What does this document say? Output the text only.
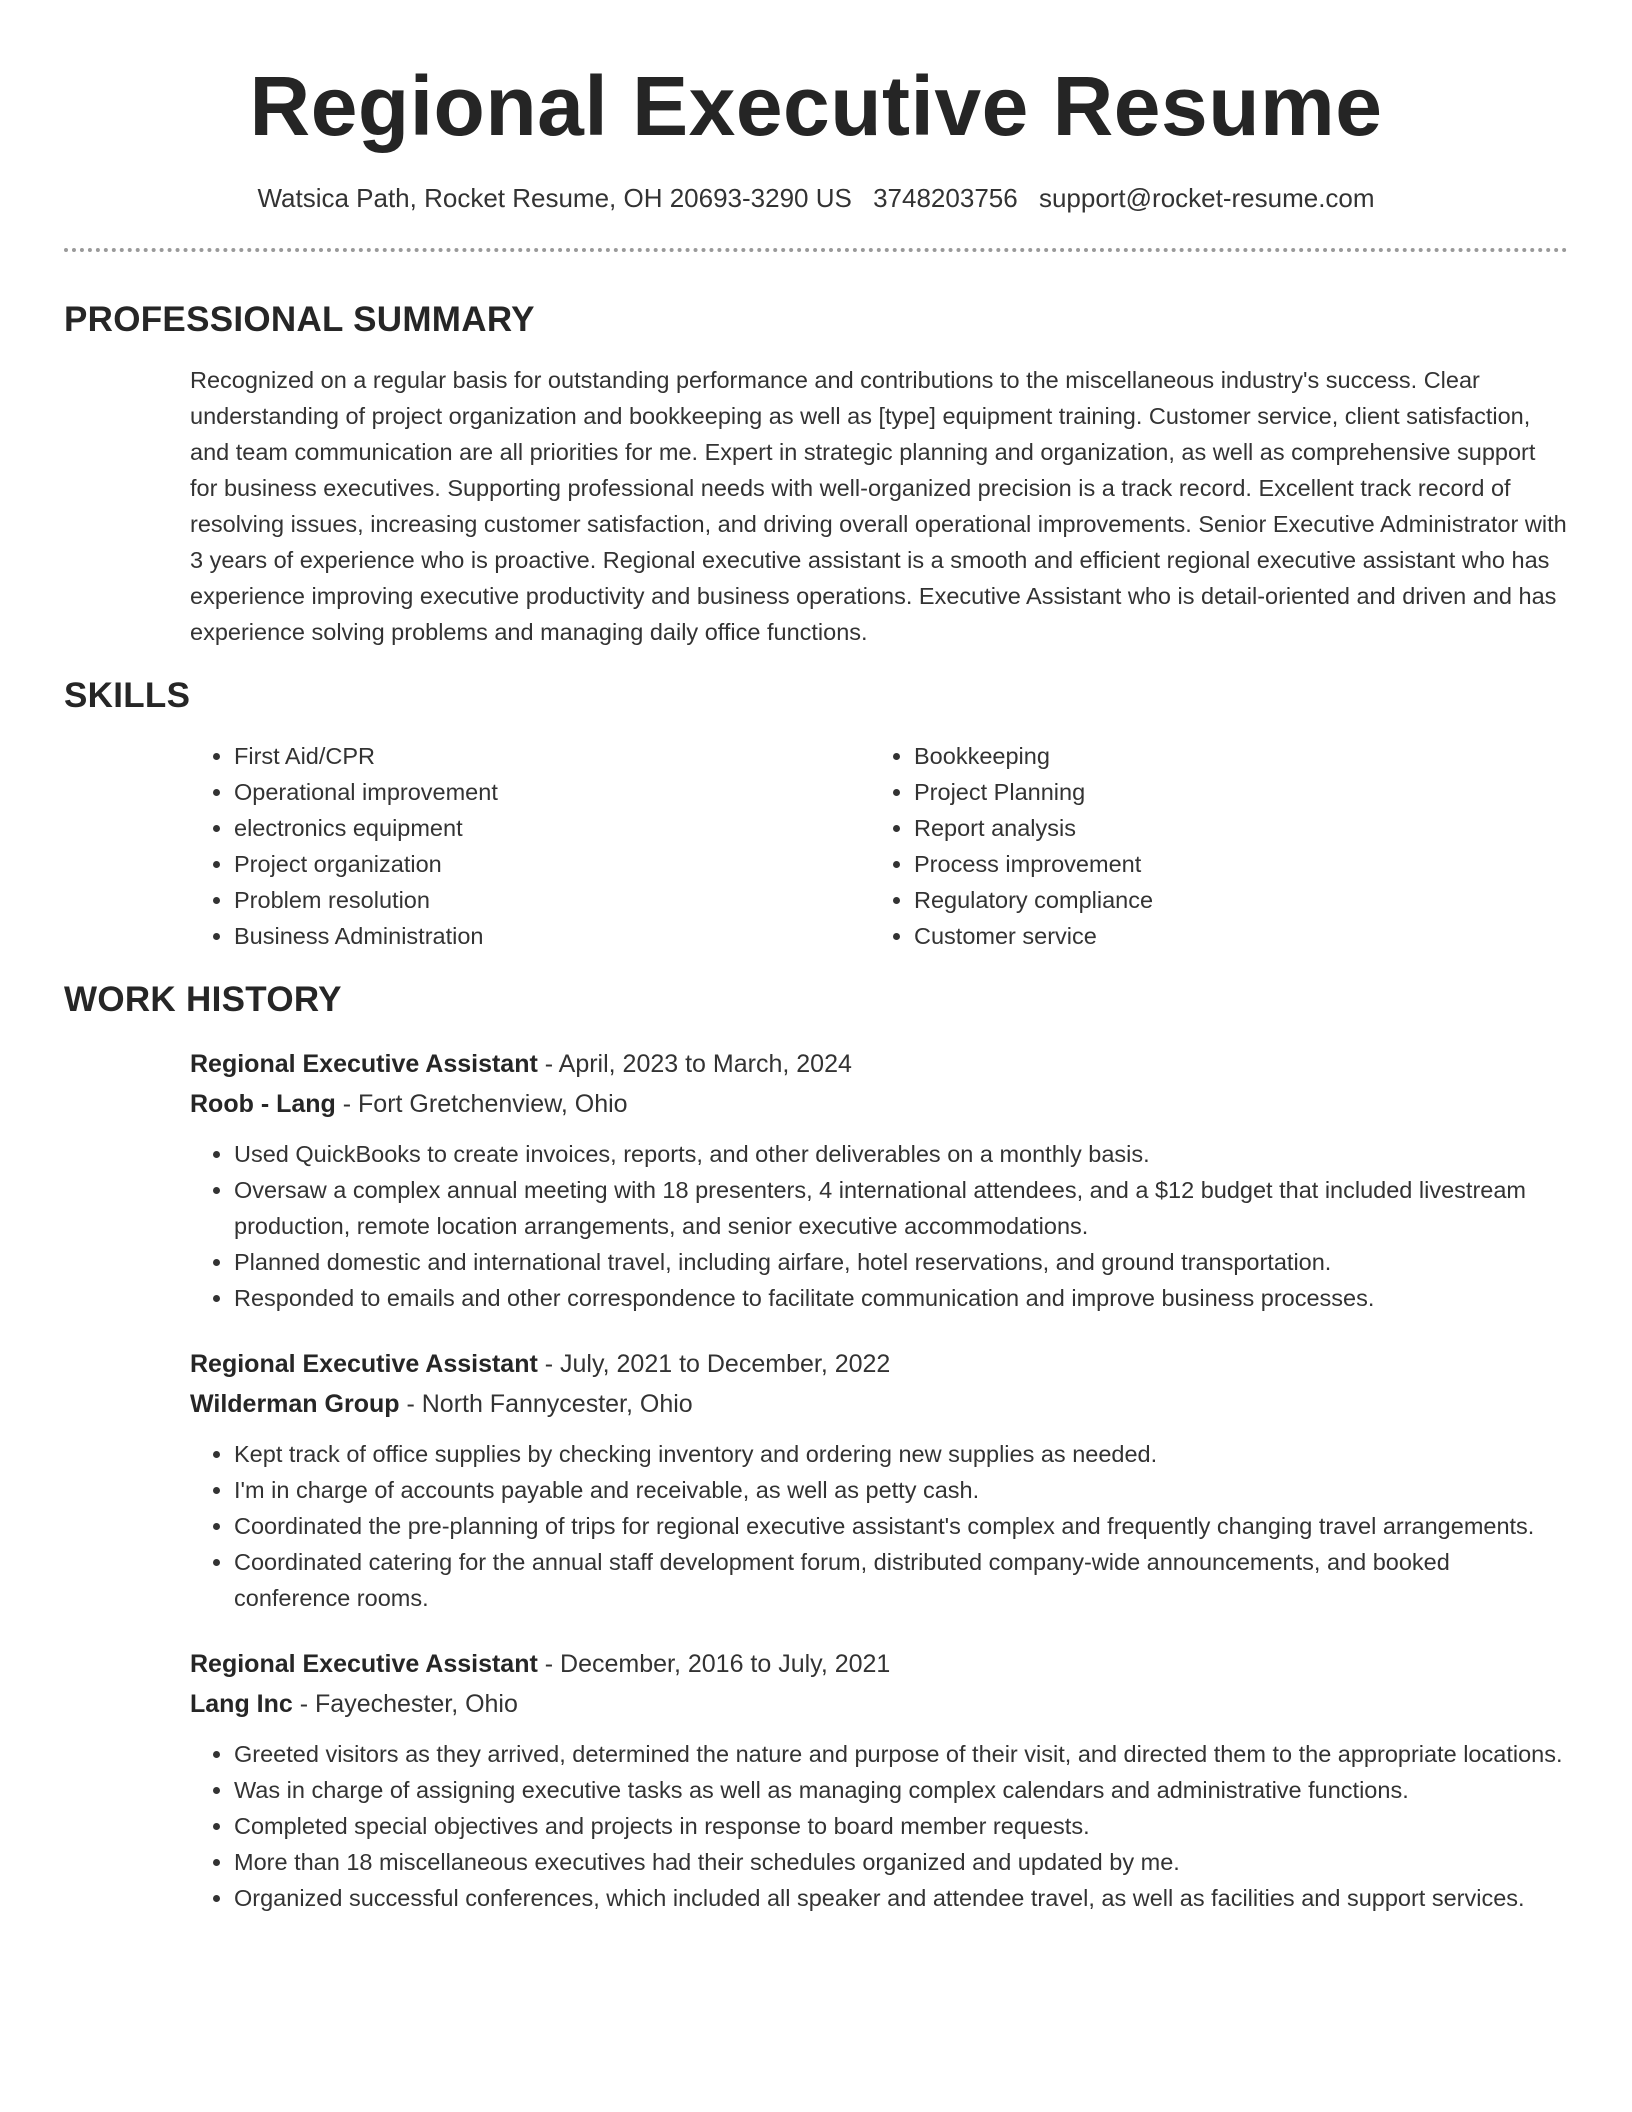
Regional Executive Resume
Watsica Path, Rocket Resume, OH 20693-3290 US 3748203756 support@rocket-resume.com
PROFESSIONAL SUMMARY

Recognized on a regular basis for outstanding performance and contributions to the miscellaneous industry's success. Clear understanding of project organization and bookkeeping as well as [type] equipment training. Customer service, client satisfaction, and team communication are all priorities for me. Expert in strategic planning and organization, as well as comprehensive support for business executives. Supporting professional needs with well-organized precision is a track record. Excellent track record of resolving issues, increasing customer satisfaction, and driving overall operational improvements. Senior Executive Administrator with 3 years of experience who is proactive. Regional executive assistant is a smooth and efficient regional executive assistant who has experience improving executive productivity and business operations. Executive Assistant who is detail-oriented and driven and has experience solving problems and managing daily office functions.

SKILLS
• First Aid/CPR
• Operational improvement
• electronics equipment
• Project organization
• Problem resolution
• Business Administration
• Bookkeeping
• Project Planning
• Report analysis
• Process improvement
• Regulatory compliance
• Customer service
WORK HISTORY
Regional Executive Assistant - April, 2023 to March, 2024
Roob - Lang - Fort Gretchenview, Ohio
• Used QuickBooks to create invoices, reports, and other deliverables on a monthly basis.
• Oversaw a complex annual meeting with 18 presenters, 4 international attendees, and a $12 budget that included livestream production, remote location arrangements, and senior executive accommodations.
• Planned domestic and international travel, including airfare, hotel reservations, and ground transportation.
• Responded to emails and other correspondence to facilitate communication and improve business processes.
Regional Executive Assistant - July, 2021 to December, 2022
Wilderman Group - North Fannycester, Ohio
• Kept track of office supplies by checking inventory and ordering new supplies as needed.
• I'm in charge of accounts payable and receivable, as well as petty cash.
• Coordinated the pre-planning of trips for regional executive assistant's complex and frequently changing travel arrangements.
• Coordinated catering for the annual staff development forum, distributed company-wide announcements, and booked conference rooms.
Regional Executive Assistant - December, 2016 to July, 2021
Lang Inc - Fayechester, Ohio
• Greeted visitors as they arrived, determined the nature and purpose of their visit, and directed them to the appropriate locations.
• Was in charge of assigning executive tasks as well as managing complex calendars and administrative functions.
• Completed special objectives and projects in response to board member requests.
• More than 18 miscellaneous executives had their schedules organized and updated by me.
• Organized successful conferences, which included all speaker and attendee travel, as well as facilities and support services.
